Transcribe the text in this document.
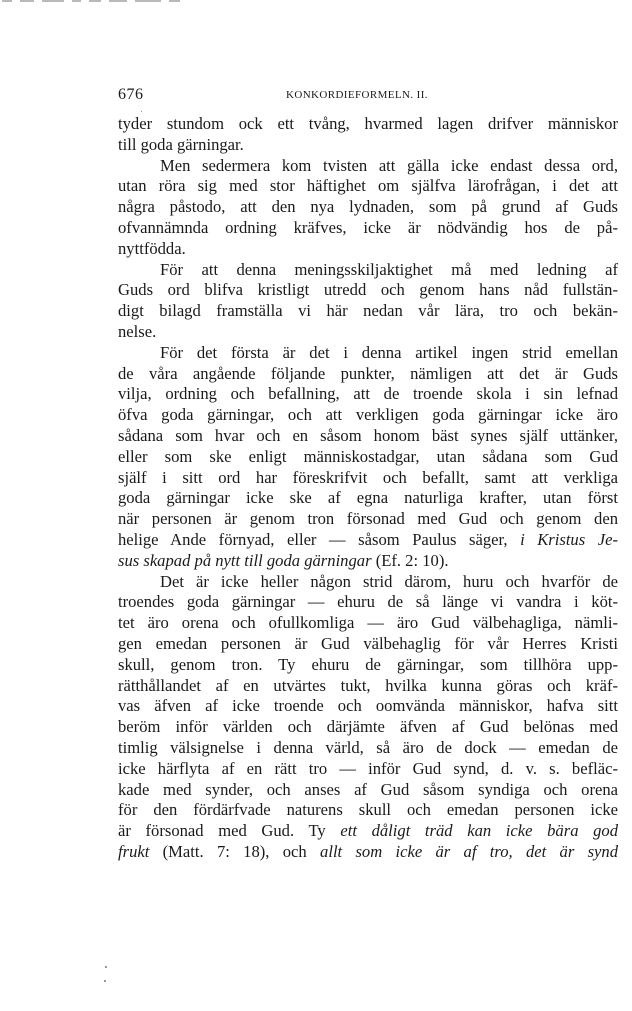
676	KONKORDIEFORMELN. II.
tyder stundom ock ett tvång, hvarmed lagen drifver människor
till goda gärningar.
Men sedermera kom tvisten att gälla icke endast dessa ord,
utan röra sig med stor häftighet om själfva lärofrågan, i det att
några påstodo, att den nya lydnaden, som på grund af Guds
ofvannämnda ordning kräfves, icke är nödvändig hos de på-
nyttfödda.
För att denna meningsskiljaktighet må med ledning af
Guds ord blifva kristligt utredd och genom hans nåd fullstän-
digt bilagd framställa vi här nedan vår lära, tro och bekän-
nelse.
För det första är det i denna artikel ingen strid emellan
de våra angående följande punkter, nämligen att det är Guds
vilja, ordning och befallning, att de troende skola i sin lefnad
öfva goda gärningar, och att verkligen goda gärningar icke äro
sådana som hvar och en såsom honom bäst synes själf uttänker,
eller som ske enligt människostadgar, utan sådana som Gud
själf i sitt ord har föreskrifvit och befallt, samt att verkliga
goda gärningar icke ske af egna naturliga krafter, utan först
när personen är genom tron försonad med Gud och genom den
helige Ande förnyad, eller — såsom Paulus säger, i Kristus Je-
sus skapad på nytt till goda gärningar (Ef. 2: 10).
Det är icke heller någon strid därom, huru och hvarför de
troendes goda gärningar — ehuru de så länge vi vandra i köt-
tet äro orena och ofullkomliga — äro Gud välbehagliga, nämli-
gen emedan personen är Gud välbehaglig för vår Herres Kristi
skull, genom tron. Ty ehuru de gärningar, som tillhöra upp-
rätthållandet af en utvärtes tukt, hvilka kunna göras och kräf-
vas äfven af icke troende och oomvända människor, hafva sitt
beröm inför världen och därjämte äfven af Gud belönas med
timlig välsignelse i denna värld, så äro de dock — emedan de
icke härflyta af en rätt tro — inför Gud synd, d. v. s. befläc-
kade med synder, och anses af Gud såsom syndiga och orena
för den fördärfvade naturens skull och emedan personen icke
är försonad med Gud. Ty ett dåligt träd kan icke bära god
frukt (Matt. 7: 18), och allt som icke är af tro, det är synd
